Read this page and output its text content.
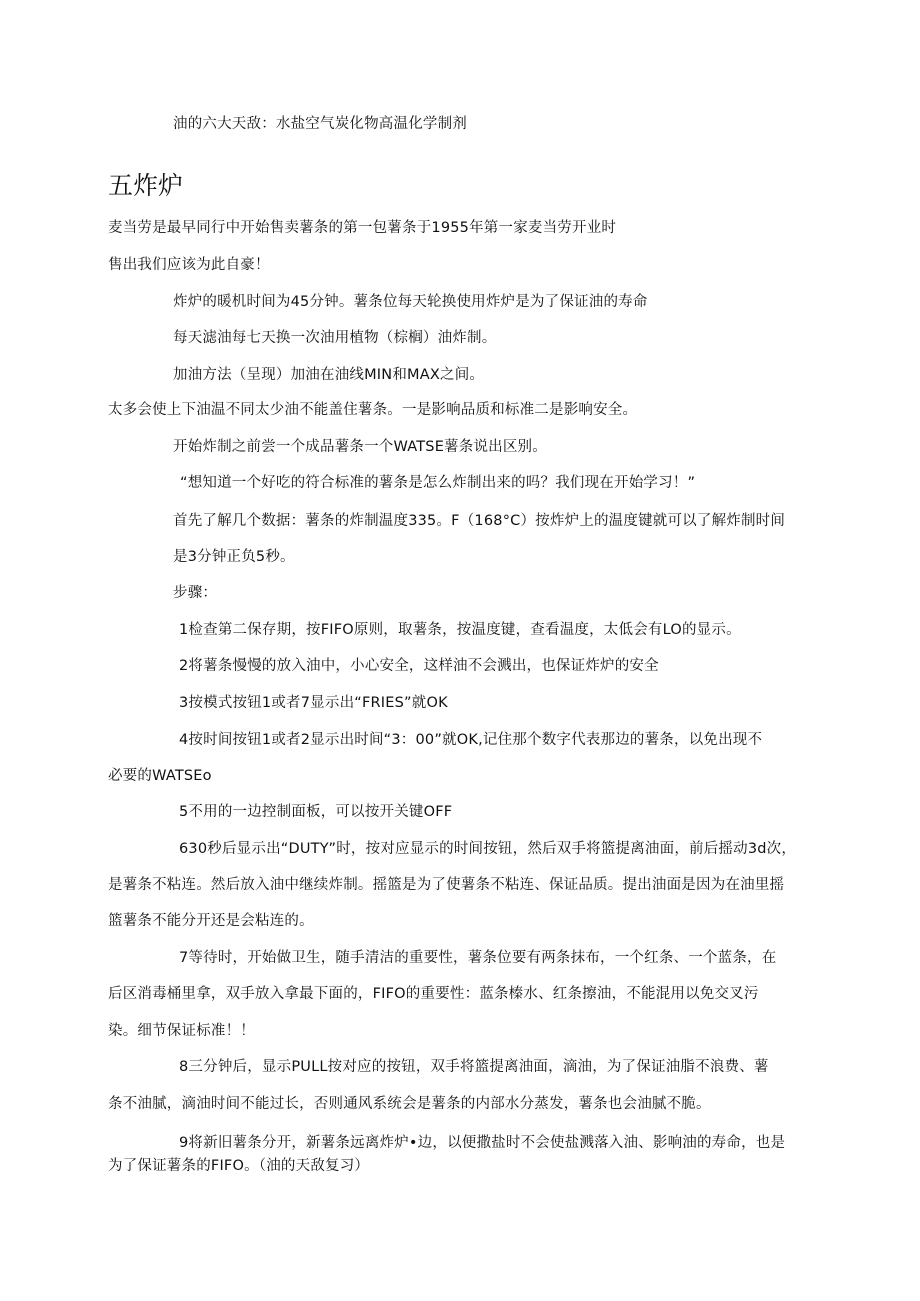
油的六大天敌：水盐空气炭化物高温化学制剂
五炸炉
麦当劳是最早同行中开始售卖薯条的第一包薯条于1955年第一家麦当劳开业时
售出我们应该为此自豪！
炸炉的暖机时间为45分钟。薯条位每天轮换使用炸炉是为了保证油的寿命
每天滤油每七天换一次油用植物（棕榈）油炸制。
加油方法（呈现）加油在油线MIN和MAX之间。
太多会使上下油温不同太少油不能盖住薯条。一是影响品质和标准二是影响安全。
开始炸制之前尝一个成品薯条一个WATSE薯条说出区别。
“想知道一个好吃的符合标准的薯条是怎么炸制出来的吗？我们现在开始学习！”
首先了解几个数据：薯条的炸制温度335。F（168°C）按炸炉上的温度键就可以了解炸制时间
是3分钟正负5秒。
步骤：
1检查第二保存期，按FIFO原则，取薯条，按温度键，查看温度，太低会有LO的显示。
2将薯条慢慢的放入油中，小心安全，这样油不会溅出，也保证炸炉的安全
3按模式按钮1或者7显示出“FRIES”就OK
4按时间按钮1或者2显示出时间“3：00”就OK,记住那个数字代表那边的薯条，以免出现不
必要的WATSEo
5不用的一边控制面板，可以按开关键OFF
630秒后显示出“DUTY”时，按对应显示的时间按钮，然后双手将篮提离油面，前后摇动3d次，
是薯条不粘连。然后放入油中继续炸制。摇篮是为了使薯条不粘连、保证品质。提出油面是因为在油里摇
篮薯条不能分开还是会粘连的。
7等待时，开始做卫生，随手清洁的重要性，薯条位要有两条抹布，一个红条、一个蓝条，在
后区消毒桶里拿，双手放入拿最下面的，FIFO的重要性：蓝条榛水、红条擦油，不能混用以免交叉污
染。细节保证标准！！
8三分钟后，显示PULL按对应的按钮，双手将篮提离油面，滴油，为了保证油脂不浪费、薯
条不油腻，滴油时间不能过长，否则通风系统会是薯条的内部水分蒸发，薯条也会油腻不脆。
9将新旧薯条分开，新薯条远离炸炉•边，以便撒盐时不会使盐溅落入油、影响油的寿命，也是
为了保证薯条的FIFO。（油的天敌复习）
